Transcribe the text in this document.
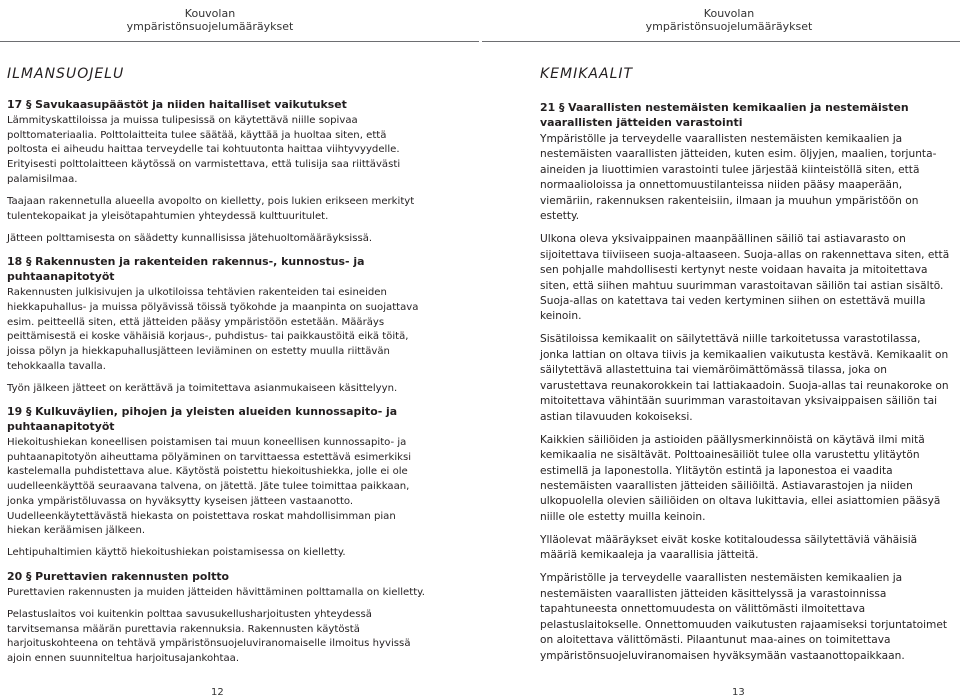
Kouvolan
ympäristönsuojelumääräykset
Kouvolan
ympäristönsuojelumääräykset
ILMANSUOJELU	KEMIKAALIT
17 § Savukaasupäästöt ja niiden haitalliset vaikutukset

Lämmityskattiloissa ja muissa tulipesissä on käytettävä niille sopivaa polttomateriaalia. Polttolaitteita tulee säätää, käyttää ja huoltaa siten, että poltosta ei aiheudu haittaa terveydelle tai kohtuutonta haittaa viihtyvyydelle. Erityisesti polttolaitteen käytössä on varmistettava, että tulisija saa riittävästi palamisilmaa.

Taajaan rakennetulla alueella avopolto on kielletty, pois lukien erikseen merkityt tulentekopaikat ja yleisötapahtumien yhteydessä kulttuuritulet.

Jätteen polttamisesta on säädetty kunnallisissa jätehuoltomääräyksissä.

18 § Rakennusten ja rakenteiden rakennus-, kunnostus- ja puhtaanapitotyöt

Rakennusten julkisivujen ja ulkotiloissa tehtävien rakenteiden tai esineiden hiekkapuhallus- ja muissa pölyävissä töissä työkohde ja maanpinta on suojattava esim. peitteellä siten, että jätteiden pääsy ympäristöön estetään. Määräys peittämisestä ei koske vähäisiä korjaus-, puhdistus- tai paikkaustöitä eikä töitä, joissa pölyn ja hiekkapuhallusjätteen leviäminen on estetty muulla riittävän tehokkaalla tavalla.

Työn jälkeen jätteet on kerättävä ja toimitettava asianmukaiseen käsittelyyn.

19 § Kulkuväylien, pihojen ja yleisten alueiden kunnossapito- ja puhtaanapitotyöt

Hiekoitushiekan koneellisen poistamisen tai muun koneellisen kunnossapito- ja puhtaanapitotyön aiheuttama pölyäminen on tarvittaessa estettävä esimerkiksi kastelemalla puhdistettava alue. Käytöstä poistettu hiekoitushiekka, jolle ei ole uudelleenkäyttöä seuraavana talvena, on jätettä. Jäte tulee toimittaa paikkaan, jonka ympäristöluvassa on hyväksytty kyseisen jätteen vastaanotto. Uudelleenkäytettävästä hiekasta on poistettava roskat mahdollisimman pian hiekan keräämisen jälkeen.

Lehtipuhaltimien käyttö hiekoitushiekan poistamisessa on kielletty.

20 § Purettavien rakennusten poltto

Purettavien rakennusten ja muiden jätteiden hävittäminen polttamalla on kielletty.

Pelastuslaitos voi kuitenkin polttaa savusukellusharjoitusten yhteydessä tarvitsemansa määrän purettavia rakennuksia. Rakennusten käytöstä harjoituskohteena on tehtävä ympäristönsuojeluviranomaiselle ilmoitus hyvissä ajoin ennen suunniteltua harjoitusajankohtaa.

21 § Vaarallisten nestemäisten kemikaalien ja nestemäisten vaarallisten jätteiden varastointi

Ympäristölle ja terveydelle vaarallisten nestemäisten kemikaalien ja nestemäisten vaarallisten jätteiden, kuten esim. öljyjen, maalien, torjunta-aineiden ja liuottimien varastointi tulee järjestää kiinteistöllä siten, että normaalioloissa ja onnettomuustilanteissa niiden pääsy maaperään, viemäriin, rakennuksen rakenteisiin, ilmaan ja muuhun ympäristöön on estetty.

Ulkona oleva yksivaippainen maanpäällinen säiliö tai astiavarasto on sijoitettava tiiviiseen suoja-altaaseen. Suoja-allas on rakennettava siten, että sen pohjalle mahdollisesti kertynyt neste voidaan havaita ja mitoitettava siten, että siihen mahtuu suurimman varastoitavan säiliön tai astian sisältö. Suoja-allas on katettava tai veden kertyminen siihen on estettävä muilla keinoin.

Sisätiloissa kemikaalit on säilytettävä niille tarkoitetussa varastotilassa, jonka lattian on oltava tiivis ja kemikaalien vaikutusta kestävä. Kemikaalit on säilytettävä allastettuina tai viemäröimättömässä tilassa, joka on varustettava reunakorokkein tai lattiakaadoin. Suoja-allas tai reunakoroke on mitoitettava vähintään suurimman varastoitavan yksivaippaisen säiliön tai astian tilavuuden kokoiseksi.

Kaikkien säiliöiden ja astioiden päällysmerkinnöistä on käytävä ilmi mitä kemikaalia ne sisältävät. Polttoainesäiliöt tulee olla varustettu ylitäytön estimellä ja laponestolla. Ylitäytön estintä ja laponestoa ei vaadita nestemäisten vaarallisten jätteiden säiliöiltä. Astiavarastojen ja niiden ulkopuolella olevien säiliöiden on oltava lukittavia, ellei asiattomien pääsyä niille ole estetty muilla keinoin.

Ylläolevat määräykset eivät koske kotitaloudessa säilytettäviä vähäisiä määriä kemikaaleja ja vaarallisia jätteitä.

Ympäristölle ja terveydelle vaarallisten nestemäisten kemikaalien ja nestemäisten vaarallisten jätteiden käsittelyssä ja varastoinnissa tapahtuneesta onnettomuudesta on välittömästi ilmoitettava pelastuslaitokselle. Onnettomuuden vaikutusten rajaamiseksi torjuntatoimet on aloitettava välittömästi. Pilaantunut maa-aines on toimitettava ympäristönsuojeluviranomaisen hyväksymään vastaanottopaikkaan.

12	13
